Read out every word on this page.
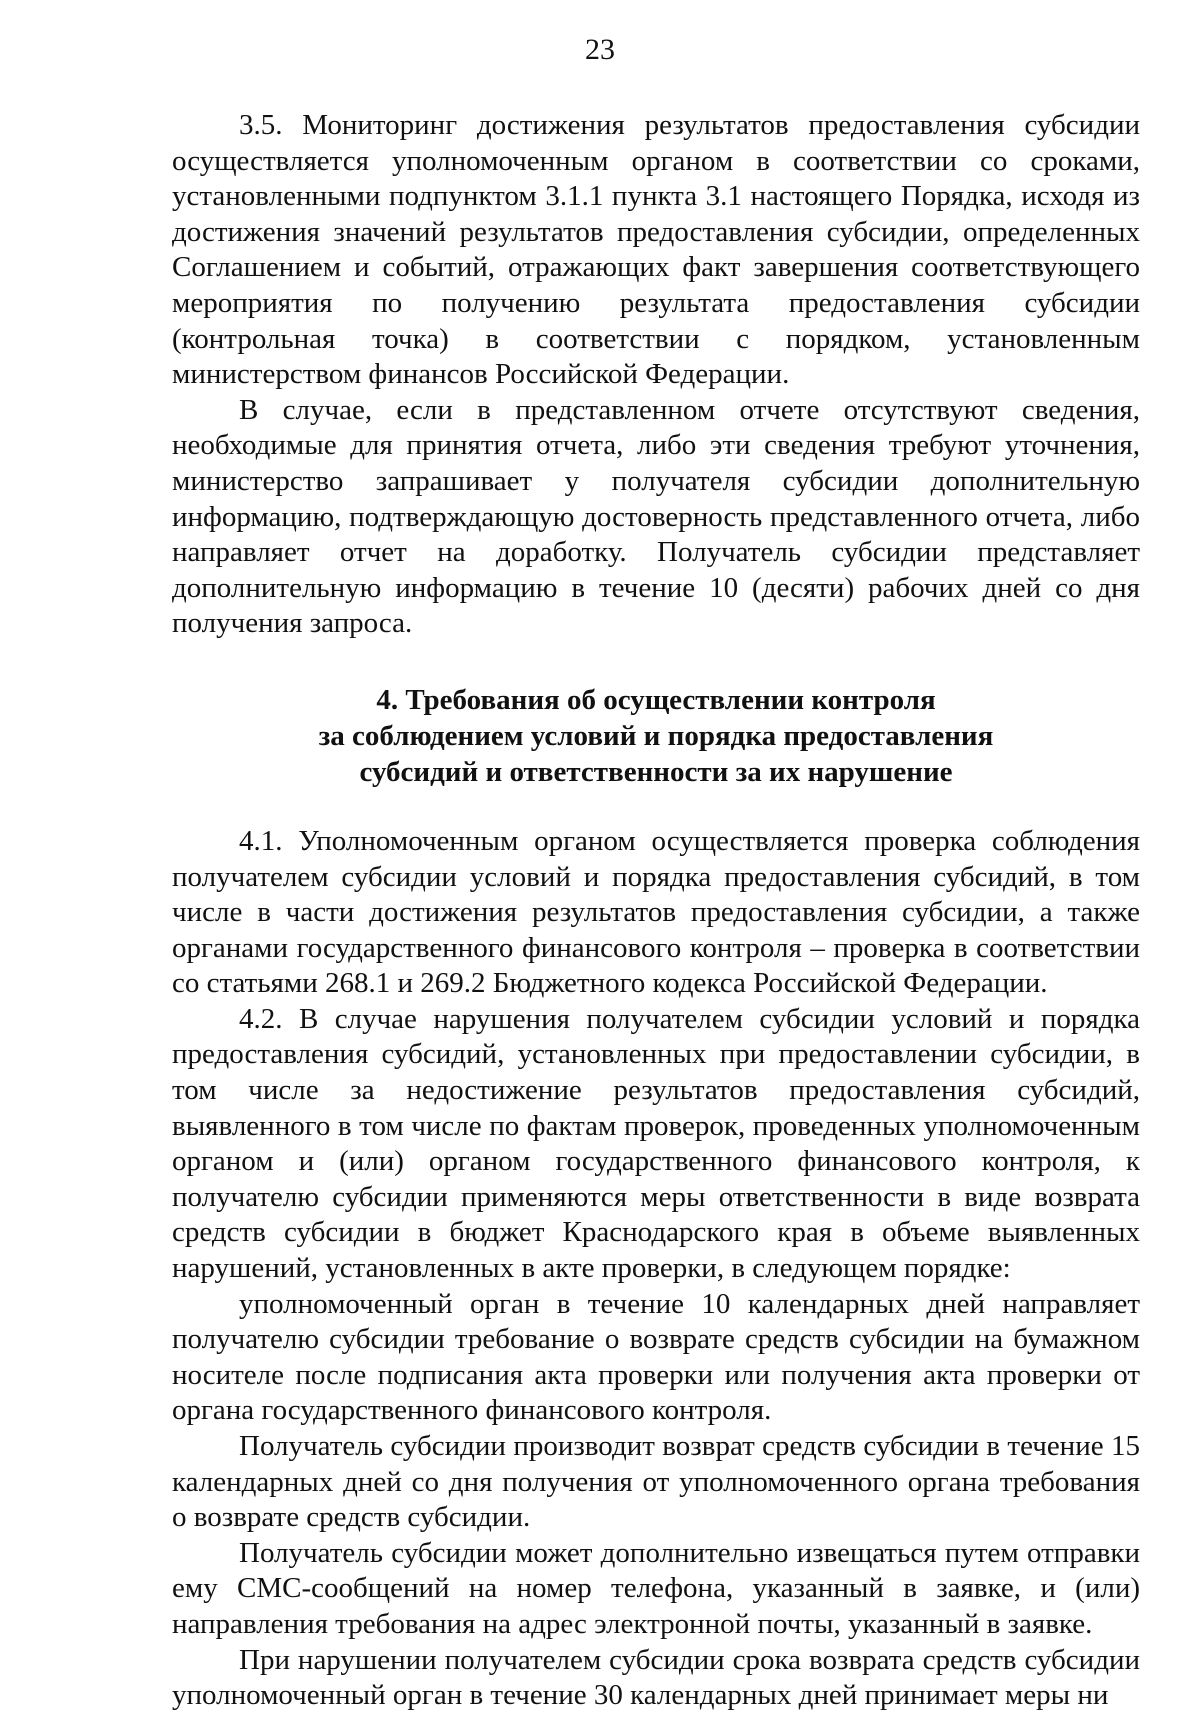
23

3.5. Мониторинг достижения результатов предоставления субсидии осуществляется уполномоченным органом в соответствии со сроками, установленными подпунктом 3.1.1 пункта 3.1 настоящего Порядка, исходя из достижения значений результатов предоставления субсидии, определенных Соглашением и событий, отражающих факт завершения соответствующего мероприятия по получению результата предоставления субсидии (контрольная точка) в соответствии с порядком, установленным министерством финансов Российской Федерации.

В случае, если в представленном отчете отсутствуют сведения, необходимые для принятия отчета, либо эти сведения требуют уточнения, министерство запрашивает у получателя субсидии дополнительную информацию, подтверждающую достоверность представленного отчета, либо направляет отчет на доработку. Получатель субсидии представляет дополнительную информацию в течение 10 (десяти) рабочих дней со дня получения запроса.

4. Требования об осуществлении контроля
за соблюдением условий и порядка предоставления
субсидий и ответственности за их нарушение

4.1. Уполномоченным органом осуществляется проверка соблюдения получателем субсидии условий и порядка предоставления субсидий, в том числе в части достижения результатов предоставления субсидии, а также органами государственного финансового контроля – проверка в соответствии со статьями 268.1 и 269.2 Бюджетного кодекса Российской Федерации.

4.2. В случае нарушения получателем субсидии условий и порядка предоставления субсидий, установленных при предоставлении субсидии, в том числе за недостижение результатов предоставления субсидий, выявленного в том числе по фактам проверок, проведенных уполномоченным органом и (или) органом государственного финансового контроля, к получателю субсидии применяются меры ответственности в виде возврата средств субсидии в бюджет Краснодарского края в объеме выявленных нарушений, установленных в акте проверки, в следующем порядке:

уполномоченный орган в течение 10 календарных дней направляет получателю субсидии требование о возврате средств субсидии на бумажном носителе после подписания акта проверки или получения акта проверки от органа государственного финансового контроля.

Получатель субсидии производит возврат средств субсидии в течение 15 календарных дней со дня получения от уполномоченного органа требования о возврате средств субсидии.

Получатель субсидии может дополнительно извещаться путем отправки ему СМС-сообщений на номер телефона, указанный в заявке, и (или) направления требования на адрес электронной почты, указанный в заявке.

При нарушении получателем субсидии срока возврата средств субсидии уполномоченный орган в течение 30 календарных дней принимает меры ни
